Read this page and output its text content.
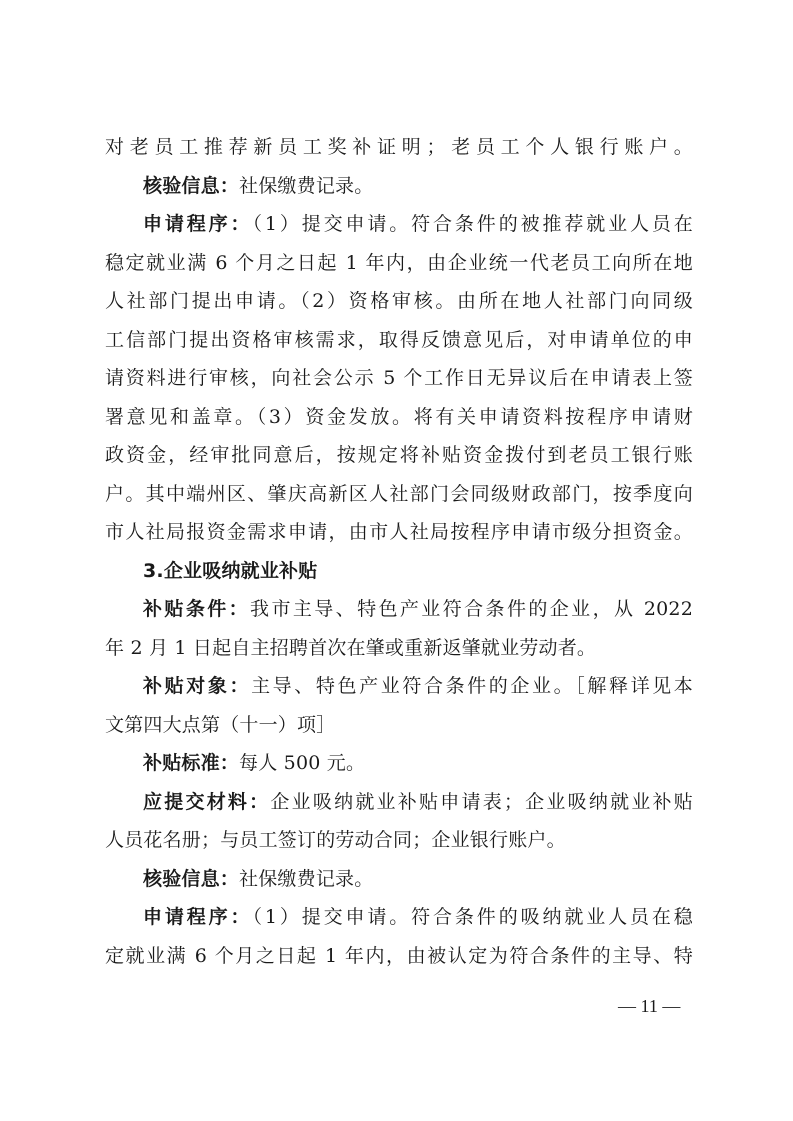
对老员工推荐新员工奖补证明；老员工个人银行账户。
核验信息：社保缴费记录。
申请程序：（1）提交申请。符合条件的被推荐就业人员在
稳定就业满 6 个月之日起 1 年内，由企业统一代老员工向所在地
人社部门提出申请。（2）资格审核。由所在地人社部门向同级
工信部门提出资格审核需求，取得反馈意见后，对申请单位的申
请资料进行审核，向社会公示 5 个工作日无异议后在申请表上签
署意见和盖章。（3）资金发放。将有关申请资料按程序申请财
政资金，经审批同意后，按规定将补贴资金拨付到老员工银行账
户。其中端州区、肇庆高新区人社部门会同级财政部门，按季度向
市人社局报资金需求申请，由市人社局按程序申请市级分担资金。
3.企业吸纳就业补贴
补贴条件：我市主导、特色产业符合条件的企业，从 2022
年 2 月 1 日起自主招聘首次在肇或重新返肇就业劳动者。
补贴对象：主导、特色产业符合条件的企业。［解释详见本
文第四大点第（十一）项］
补贴标准：每人 500 元。
应提交材料：企业吸纳就业补贴申请表；企业吸纳就业补贴
人员花名册；与员工签订的劳动合同；企业银行账户。
核验信息：社保缴费记录。
申请程序：（1）提交申请。符合条件的吸纳就业人员在稳
定就业满 6 个月之日起 1 年内，由被认定为符合条件的主导、特
— 11 —
